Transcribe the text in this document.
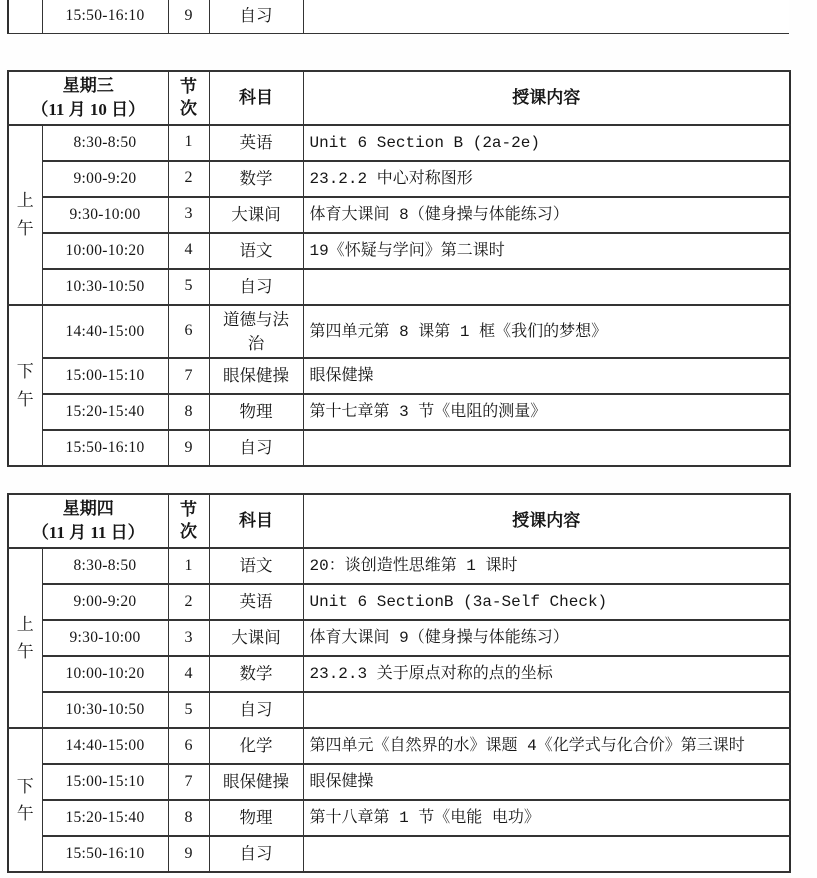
	15:50-16:10	9	自习	
星期三
（11 月 10 日）		节次	科目	授课内容
上午	8:30-8:50	1	英语	Unit 6 Section B (2a-2e)
	9:00-9:20	2	数学	23.2.2 中心对称图形
	9:30-10:00	3	大课间	体育大课间 8（健身操与体能练习）
	10:00-10:20	4	语文	19《怀疑与学问》第二课时
	10:30-10:50	5	自习	
下午	14:40-15:00	6	道德与法治	第四单元第 8 课第 1 框《我们的梦想》
	15:00-15:10	7	眼保健操	眼保健操
	15:20-15:40	8	物理	第十七章第 3 节《电阻的测量》
	15:50-16:10	9	自习	
星期四
（11 月 11 日）		节次	科目	授课内容
上午	8:30-8:50	1	语文	20：谈创造性思维第 1 课时
	9:00-9:20	2	英语	Unit 6 SectionB (3a-Self Check)
	9:30-10:00	3	大课间	体育大课间 9（健身操与体能练习）
	10:00-10:20	4	数学	23.2.3 关于原点对称的点的坐标
	10:30-10:50	5	自习	
下午	14:40-15:00	6	化学	第四单元《自然界的水》课题 4《化学式与化合价》第三课时
	15:00-15:10	7	眼保健操	眼保健操
	15:20-15:40	8	物理	第十八章第 1 节《电能 电功》
	15:50-16:10	9	自习	
